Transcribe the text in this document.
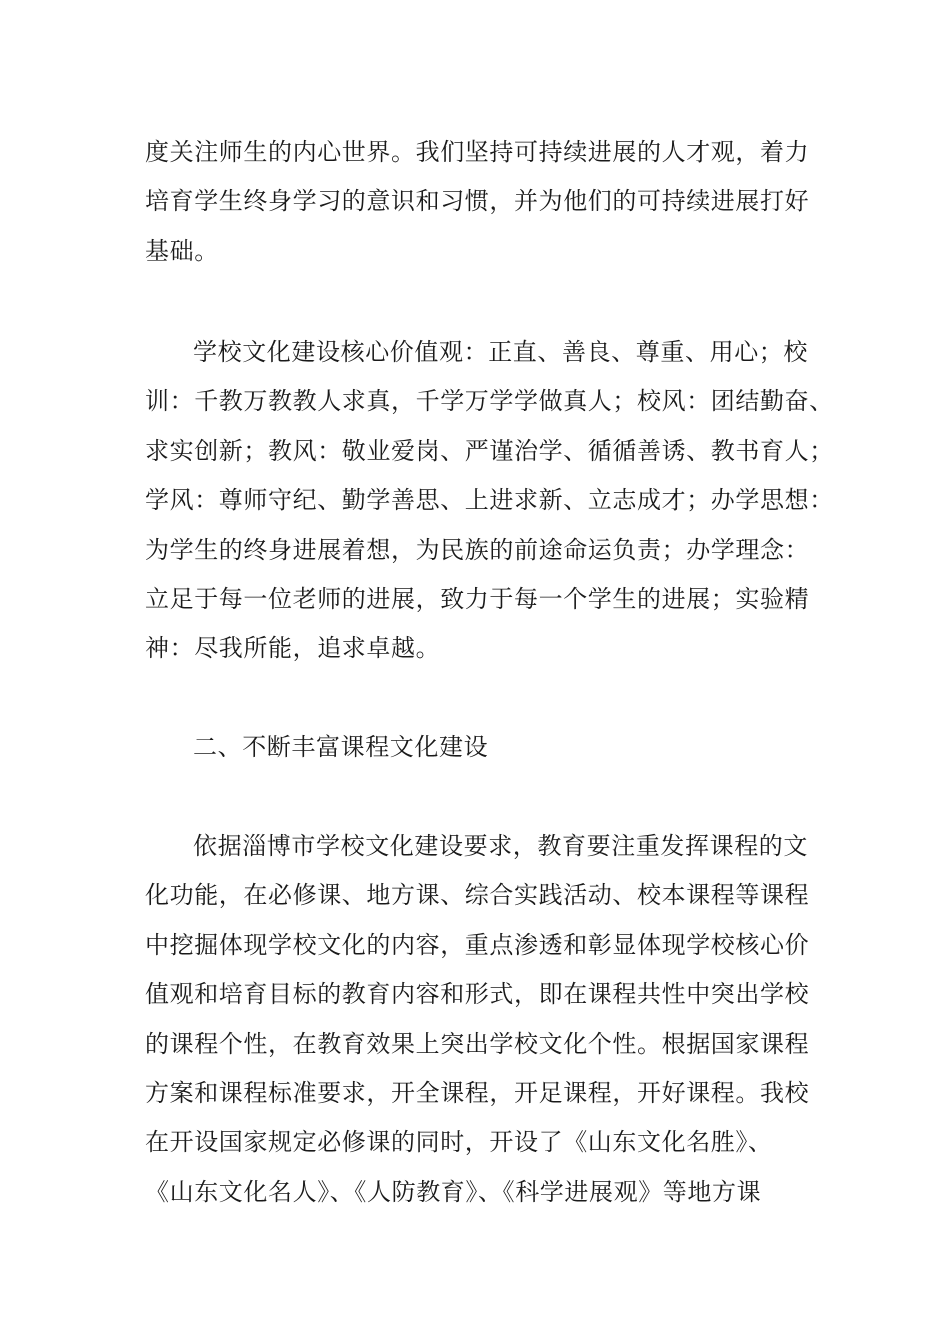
度关注师生的内心世界。我们坚持可持续进展的人才观，着力
培育学生终身学习的意识和习惯，并为他们的可持续进展打好
基础。
学校文化建设核心价值观：正直、善良、尊重、用心；校
训：千教万教教人求真，千学万学学做真人；校风：团结勤奋、
求实创新；教风：敬业爱岗、严谨治学、循循善诱、教书育人；
学风：尊师守纪、勤学善思、上进求新、立志成才；办学思想：
为学生的终身进展着想，为民族的前途命运负责；办学理念：
立足于每一位老师的进展，致力于每一个学生的进展；实验精
神：尽我所能，追求卓越。
二、不断丰富课程文化建设
依据淄博市学校文化建设要求，教育要注重发挥课程的文
化功能，在必修课、地方课、综合实践活动、校本课程等课程
中挖掘体现学校文化的内容，重点渗透和彰显体现学校核心价
值观和培育目标的教育内容和形式，即在课程共性中突出学校
的课程个性，在教育效果上突出学校文化个性。根据国家课程
方案和课程标准要求，开全课程，开足课程，开好课程。我校
在开设国家规定必修课的同时，开设了《山东文化名胜》、
《山东文化名人》、《人防教育》、《科学进展观》等地方课
